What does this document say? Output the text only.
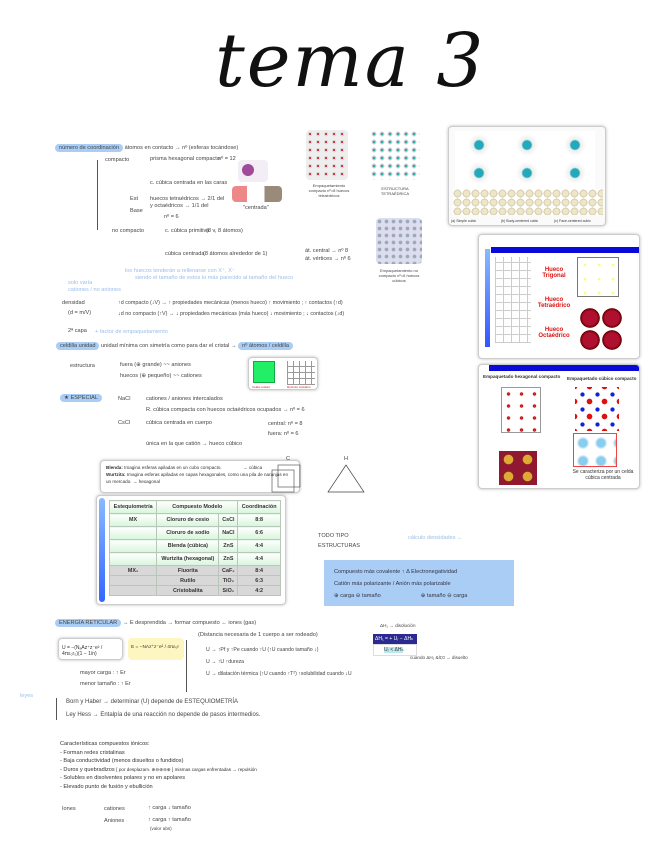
tema 3
número de coordinación átomos en contacto → nº (esferas tocándose)
compacto	prisma hexagonal compacto
nº = 12
c. cúbica centrada en las caras
huecos tetraédricos → 2/1 del
y octaédricos → 1/1 del
Est
Base
nº = 6
"centrada"
no compacto	c. cúbica primitiva
(8 v, 8 átomos)
cúbica centrada
(8 átomos alrededor de 1)	át. central → nº 8
át. vértices → nº 6
los huecos tenderán a rellenarse con X⁺, X⁻
siendo el tamaño de estos lo más parecido al tamaño del hueco
solo varía
cationes / no aniones
Empaquetamiento compacto nº=8 huecos tetraédricos
ESTRUCTURA TETRAÉDRICA
Empaquetamiento no compacto nº=6 huecos cúbicos
(a) Simple cubic	(b) Body-centered cubic	(c) Face-centered cubic
Hueco Trigonal
Hueco Tetraédrico
Hueco Octaédrico
Empaquetado hexagonal compacto Empaquetado cúbico compacto
Se caracteriza por un celda cúbica centrada
densidad
(d = m/V)
↑d compacto (↓V) → ↑ propiedades mecánicas (menos hueco) ↑ movimiento ; ↑ contactos (↑d)
↓d no compacto (↑V) → ↓ propiedades mecánicas (más hueco) ↓ movimiento ; ↓ contactos (↓d)
2ª capa + factor de empaquetamiento
celdilla unidad unidad mínima con simetría como para dar el cristal → nº átomos / celdilla
estructura	fuera (⊕ grande) ~~ aniones
huecos (⊕ pequeño) ~~ cationes
Celda unidad	Retículo cristalino
★ ESPECIAL	NaCl	cationes / aniones intercalados
R. cúbica compacta con huecos octaédricos ocupados → nº = 6
CsCl	cúbica centrada en cuerpo	central: nº = 8
fuera: nº = 6
única en la que catión → hueco cúbico
Blenda: Imagina esferas apiladas en un cubo compacto.	→ cúbica
Wurtzita: Imagina esferas apiladas en capas hexagonales, como una pila de naranjas en un mercado. → hexagonal
C	H
Estequiometría	Compuesto Modelo		Coordinación
MX	Cloruro de cesio	CsCl	8:8
	Cloruro de sodio	NaCl	6:6
	Blenda (cúbica)	ZnS	4:4
	Wurtzita (hexagonal)	ZnS	4:4
MX₂	Fluorita	CaF₂	8:4
	Rutilo	TiO₂	6:3
	Cristobalita	SiO₂	4:2
TODO TIPO
ESTRUCTURAS
cálculo densidades ←
Compuesto más covalente ↑ Δ Electronegatividad
Catión más polarizante / Anión más polarizable
⊕ carga ⊖ tamaño	⊕ tamaño ⊖ carga
ENERGÍA RETICULAR → E desprendida → formar compuesto ← iones (gas)
(Distancia necesaria de 1 cuerpo a ser rodeado)
U = −(NₐAz⁺z⁻e² / 4πε₀r₀)(1 − 1/n)
E = −NAz⁺z⁻e² / 4πε₀r
mayor carga : ↑ Er
menor tamaño : ↑ Er
U → ↑Pf y ↑Pe cuando ↑U (↑U cuando tamaño ↓)
U → ↑U ↑dureza
U → dilatación térmica (↑U cuando ↑T²) ↑solubilidad cuando ↓U
ΔH₁ → disolución
ΔH₁ = + Uᵣ − ΔHₕ
Uᵣ < ΔHₕ
cuando ΔH₁ &lt;0 → disuelto
leyes
Born y Haber → determinar (U) depende de ESTEQUIOMETRÍA
Ley Hess → Entalpía de una reacción no depende de pasos intermedios.
Características compuestos iónicos:
- Forman redes cristalinas
- Baja conductividad (menos disueltos o fundidos)
- Duros y quebradizos [ por desplazam. ⊕⊖⊕⊖⊕ ] mismas cargas enfrentadas → repulsión
- Solubles en disolventes polares y no en apolares
- Elevado punto de fusión y ebullición
Iones	cationes	↑ carga ↓ tamaño
Aniones	↑ carga ↑ tamaño
(valor abs)
